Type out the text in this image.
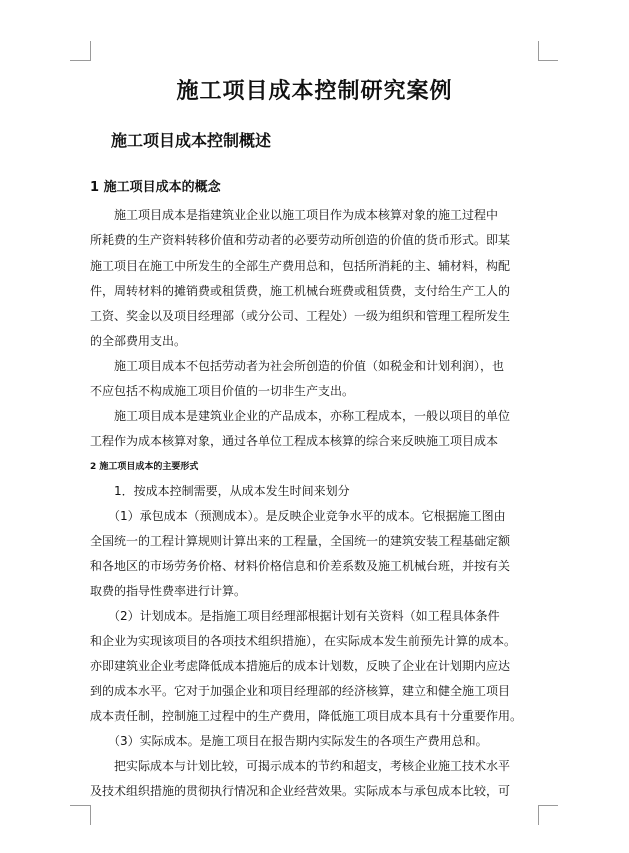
施工项目成本控制研究案例
施工项目成本控制概述
1 施工项目成本的概念
　　施工项目成本是指建筑业企业以施工项目作为成本核算对象的施工过程中
所耗费的生产资料转移价值和劳动者的必要劳动所创造的价值的货币形式。即某
施工项目在施工中所发生的全部生产费用总和，包括所消耗的主、辅材料，构配
件，周转材料的摊销费或租赁费，施工机械台班费或租赁费，支付给生产工人的
工资、奖金以及项目经理部（或分公司、工程处）一级为组织和管理工程所发生
的全部费用支出。
　　施工项目成本不包括劳动者为社会所创造的价值（如税金和计划利润），也
不应包括不构成施工项目价值的一切非生产支出。
　　施工项目成本是建筑业企业的产品成本，亦称工程成本，一般以项目的单位
工程作为成本核算对象，通过各单位工程成本核算的综合来反映施工项目成本
2 施工项目成本的主要形式
　　1．按成本控制需要，从成本发生时间来划分
　　（1）承包成本（预测成本）。是反映企业竞争水平的成本。它根据施工图由
全国统一的工程计算规则计算出来的工程量，全国统一的建筑安装工程基础定额
和各地区的市场劳务价格、材料价格信息和价差系数及施工机械台班，并按有关
取费的指导性费率进行计算。
　　（2）计划成本。是指施工项目经理部根据计划有关资料（如工程具体条件
和企业为实现该项目的各项技术组织措施），在实际成本发生前预先计算的成本。
亦即建筑业企业考虑降低成本措施后的成本计划数，反映了企业在计划期内应达
到的成本水平。它对于加强企业和项目经理部的经济核算，建立和健全施工项目
成本责任制，控制施工过程中的生产费用，降低施工项目成本具有十分重要作用。
　　（3）实际成本。是施工项目在报告期内实际发生的各项生产费用总和。
　　把实际成本与计划比较，可揭示成本的节约和超支，考核企业施工技术水平
及技术组织措施的贯彻执行情况和企业经营效果。实际成本与承包成本比较，可
